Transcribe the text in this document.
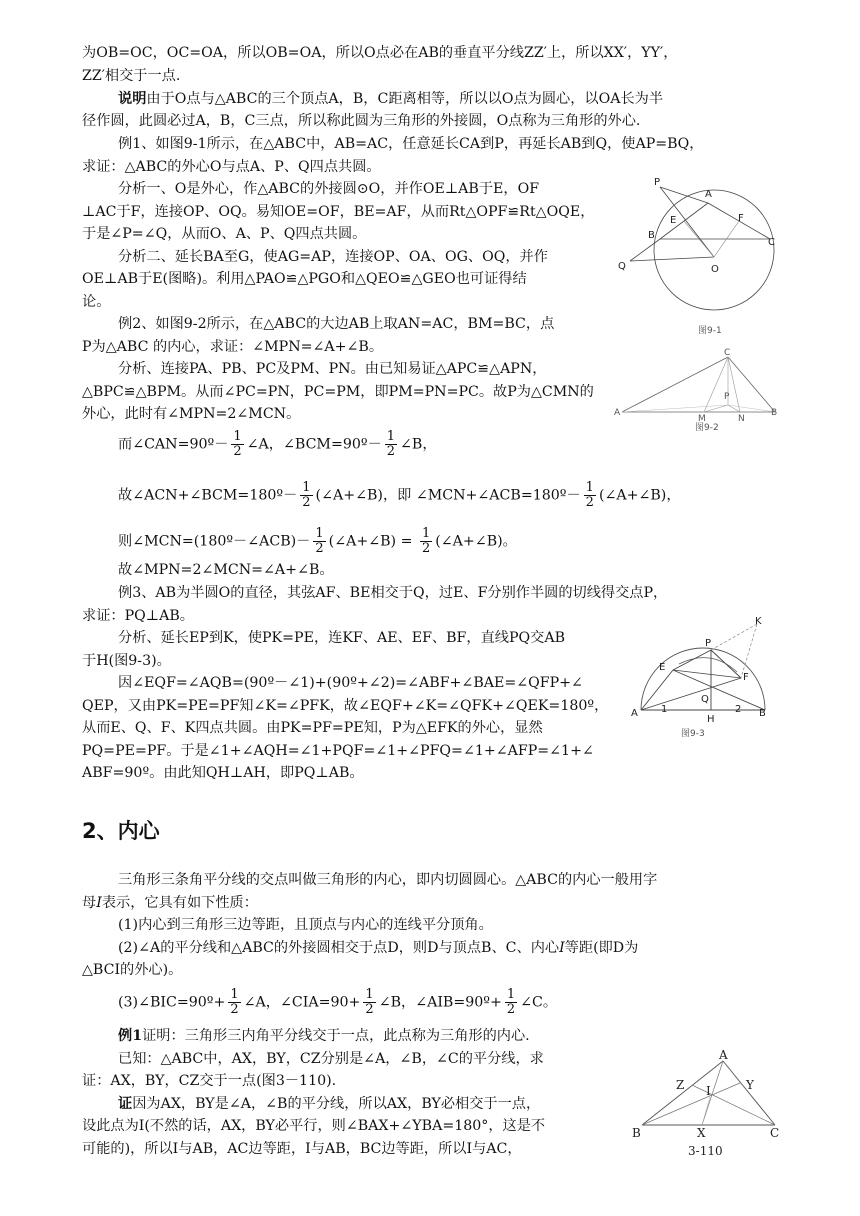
为OB=OC，OC=OA，所以OB=OA，所以O点必在AB的垂直平分线ZZ′上，所以XX′，YY′，
ZZ′相交于一点.
说明由于O点与△ABC的三个顶点A，B，C距离相等，所以以O点为圆心，以OA长为半
径作圆，此圆必过A，B，C三点，所以称此圆为三角形的外接圆，O点称为三角形的外心.
例1、如图9-1所示，在△ABC中，AB=AC，任意延长CA到P，再延长AB到Q，使AP=BQ，
求证：△ABC的外心O与点A、P、Q四点共圆。
分析一、O是外心，作△ABC的外接圆⊙O，并作OE⊥AB于E，OF
⊥AC于F，连接OP、OQ。易知OE=OF，BE=AF，从而Rt△OPF≌Rt△OQE，
于是∠P=∠Q，从而O、A、P、Q四点共圆。
分析二、延长BA至G，使AG=AP，连接OP、OA、OG、OQ，并作
OE⊥AB于E(图略)。利用△PAO≌△PGO和△QEO≌△GEO也可证得结
论。
例2、如图9-2所示，在△ABC的大边AB上取AN=AC，BM=BC，点
P为△ABC 的内心，求证：∠MPN=∠A+∠B。
分析、连接PA、PB、PC及PM、PN。由已知易证△APC≌△APN，
△BPC≌△BPM。从而∠PC=PN，PC=PM，即PM=PN=PC。故P为△CMN的
外心，此时有∠MPN=2∠MCN。
而∠CAN=90º－ $\frac{1}{2}$ ∠A，∠BCM=90º－ $\frac{1}{2}$ ∠B，
故∠ACN+∠BCM=180º－ $\frac{1}{2}$ (∠A+∠B)，即 ∠MCN+∠ACB=180º－ $\frac{1}{2}$ (∠A+∠B)，
则∠MCN=(180º－∠ACB)－ $\frac{1}{2}$ (∠A+∠B) = $\frac{1}{2}$ (∠A+∠B)。
故∠MPN=2∠MCN=∠A+∠B。
例3、AB为半圆O的直径，其弦AF、BE相交于Q，过E、F分别作半圆的切线得交点P，
求证：PQ⊥AB。
分析、延长EP到K，使PK=PE，连KF、AE、EF、BF，直线PQ交AB
于H(图9-3)。
因∠EQF=∠AQB=(90º－∠1)+(90º+∠2)=∠ABF+∠BAE=∠QFP+∠
QEP，又由PK=PE=PF知∠K=∠PFK，故∠EQF+∠K=∠QFK+∠QEK=180º，
从而E、Q、F、K四点共圆。由PK=PF=PE知，P为△EFK的外心，显然
PQ=PE=PF。于是∠1+∠AQH=∠1+PQF=∠1+∠PFQ=∠1+∠AFP=∠1+∠
ABF=90º。由此知QH⊥AH，即PQ⊥AB。
2、内心
三角形三条角平分线的交点叫做三角形的内心，即内切圆圆心。△ABC的内心一般用字
母I表示，它具有如下性质：
(1)内心到三角形三边等距，且顶点与内心的连线平分顶角。
(2)∠A的平分线和△ABC的外接圆相交于点D，则D与顶点B、C、内心I等距(即D为
△BCI的外心)。
(3)∠BIC=90º+ $\frac{1}{2}$ ∠A，∠CIA=90+ $\frac{1}{2}$ ∠B，∠AIB=90º+ $\frac{1}{2}$ ∠C。
例1证明：三角形三内角平分线交于一点，此点称为三角形的内心.
已知：△ABC中，AX，BY，CZ分别是∠A，∠B，∠C的平分线，求
证：AX，BY，CZ交于一点(图3－110).
证因为AX，BY是∠A，∠B的平分线，所以AX，BY必相交于一点，
设此点为I(不然的话，AX，BY必平行，则∠BAX+∠YBA=180°，这是不
可能的)，所以I与AB，AC边等距，I与AB，BC边等距，所以I与AC，
P
A
E	F
B
C
Q	O
图9-1
C
P
A
M	N
B
图9-2
K
P
E
F
Q
A 1
H
2 B
图9-3
A
Z I	Y
B	X	C
3-110
